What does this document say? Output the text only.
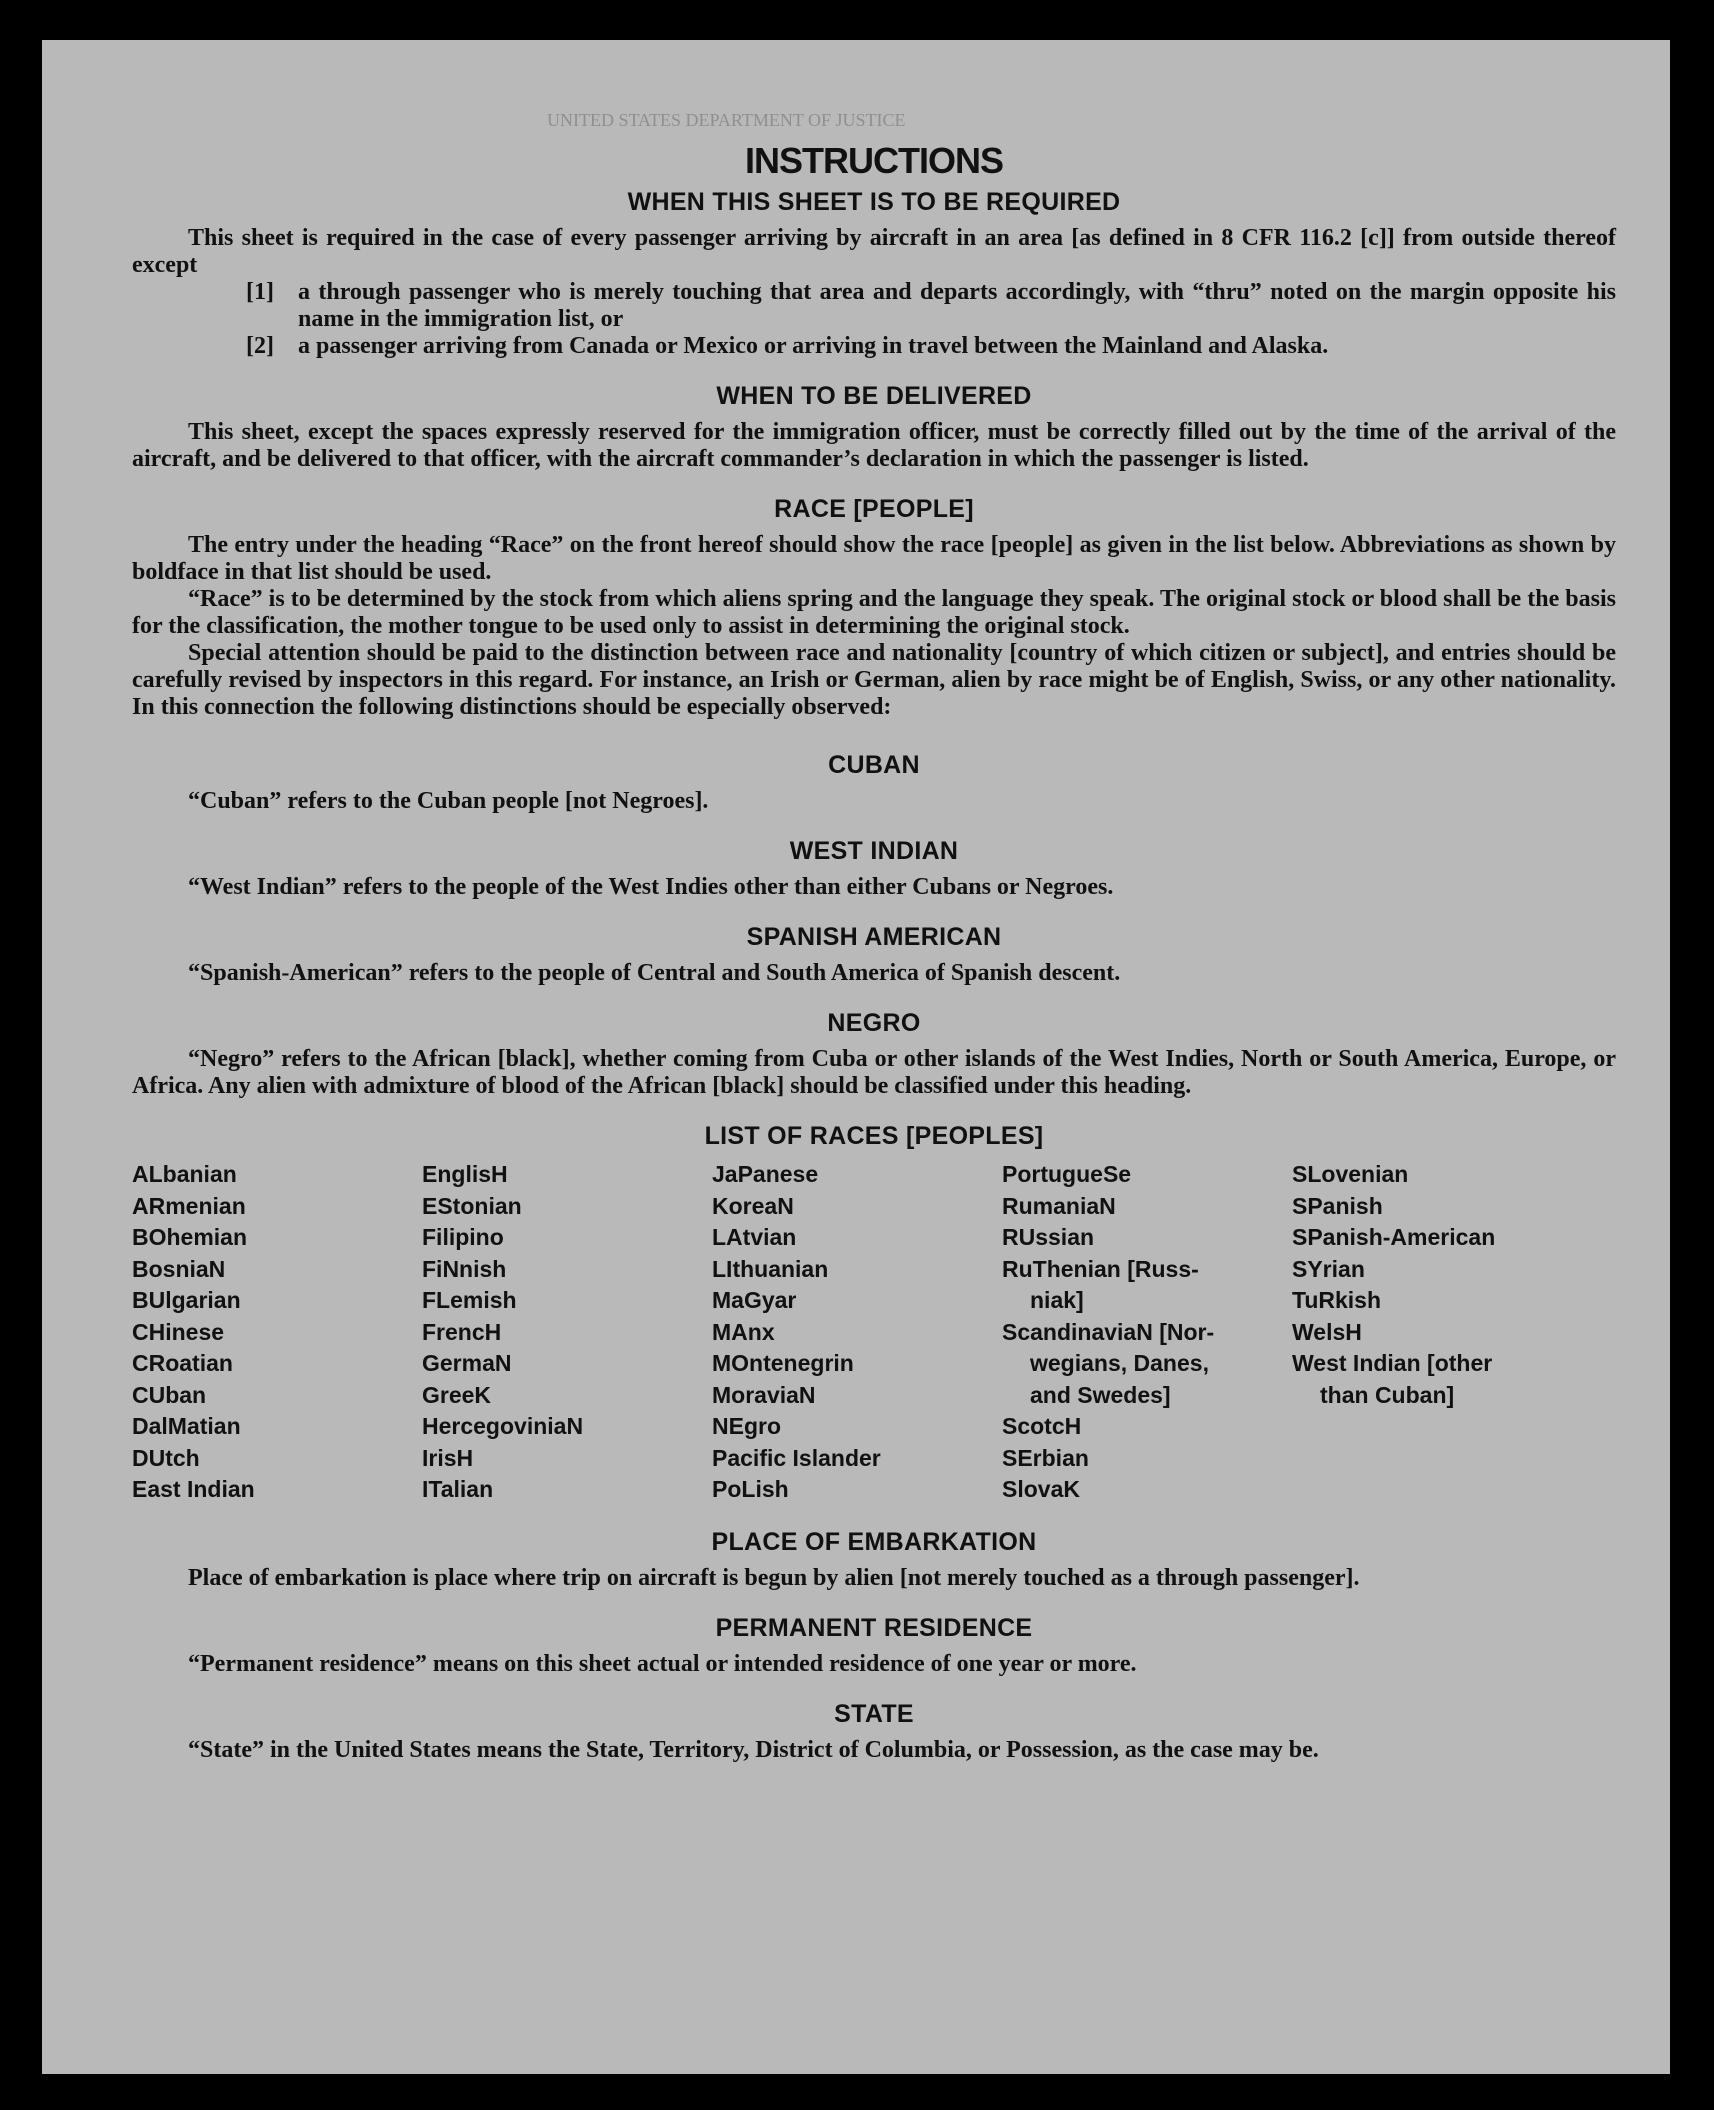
UNITED STATES DEPARTMENT OF JUSTICE
INSTRUCTIONS
WHEN THIS SHEET IS TO BE REQUIRED

This sheet is required in the case of every passenger arriving by aircraft in an area [as defined in 8 CFR 116.2 [c]] from outside thereof except

[1]	a through passenger who is merely touching that area and departs accordingly, with “thru” noted on the margin opposite his name in the immigration list, or
[2]	a passenger arriving from Canada or Mexico or arriving in travel between the Mainland and Alaska.
WHEN TO BE DELIVERED

This sheet, except the spaces expressly reserved for the immigration officer, must be correctly filled out by the time of the arrival of the aircraft, and be delivered to that officer, with the aircraft commander’s declaration in which the passenger is listed.

RACE [PEOPLE]

The entry under the heading “Race” on the front hereof should show the race [people] as given in the list below. Abbreviations as shown by boldface in that list should be used.

“Race” is to be determined by the stock from which aliens spring and the language they speak. The original stock or blood shall be the basis for the classification, the mother tongue to be used only to assist in determining the original stock.

Special attention should be paid to the distinction between race and nationality [country of which citizen or subject], and entries should be carefully revised by inspectors in this regard. For instance, an Irish or German, alien by race might be of English, Swiss, or any other nationality. In this connection the following distinctions should be especially observed:

CUBAN

“Cuban” refers to the Cuban people [not Negroes].

WEST INDIAN

“West Indian” refers to the people of the West Indies other than either Cubans or Negroes.

SPANISH AMERICAN

“Spanish-American” refers to the people of Central and South America of Spanish descent.

NEGRO

“Negro” refers to the African [black], whether coming from Cuba or other islands of the West Indies, North or South America, Europe, or Africa. Any alien with admixture of blood of the African [black] should be classified under this heading.

LIST OF RACES [PEOPLES]
ALbanian
ARmenian
BOhemian
BosniaN
BUlgarian
CHinese
CRoatian
CUban
DalMatian
DUtch
East Indian
EnglisH
EStonian
Filipino
FiNnish
FLemish
FrencH
GermaN
GreeK
HercegoviniaN
IrisH
ITalian
JaPanese
KoreaN
LAtvian
LIthuanian
MaGyar
MAnx
MOntenegrin
MoraviaN
NEgro
Pacific Islander
PoLish
PortugueSe
RumaniaN
RUssian
RuThenian [Russ-
niak]
ScandinaviaN [Nor-
wegians, Danes,
and Swedes]
ScotcH
SErbian
SlovaK
SLovenian
SPanish
SPanish-American
SYrian
TuRkish
WelsH
West Indian [other
than Cuban]
PLACE OF EMBARKATION

Place of embarkation is place where trip on aircraft is begun by alien [not merely touched as a through passenger].

PERMANENT RESIDENCE

“Permanent residence” means on this sheet actual or intended residence of one year or more.

STATE

“State” in the United States means the State, Territory, District of Columbia, or Possession, as the case may be.
